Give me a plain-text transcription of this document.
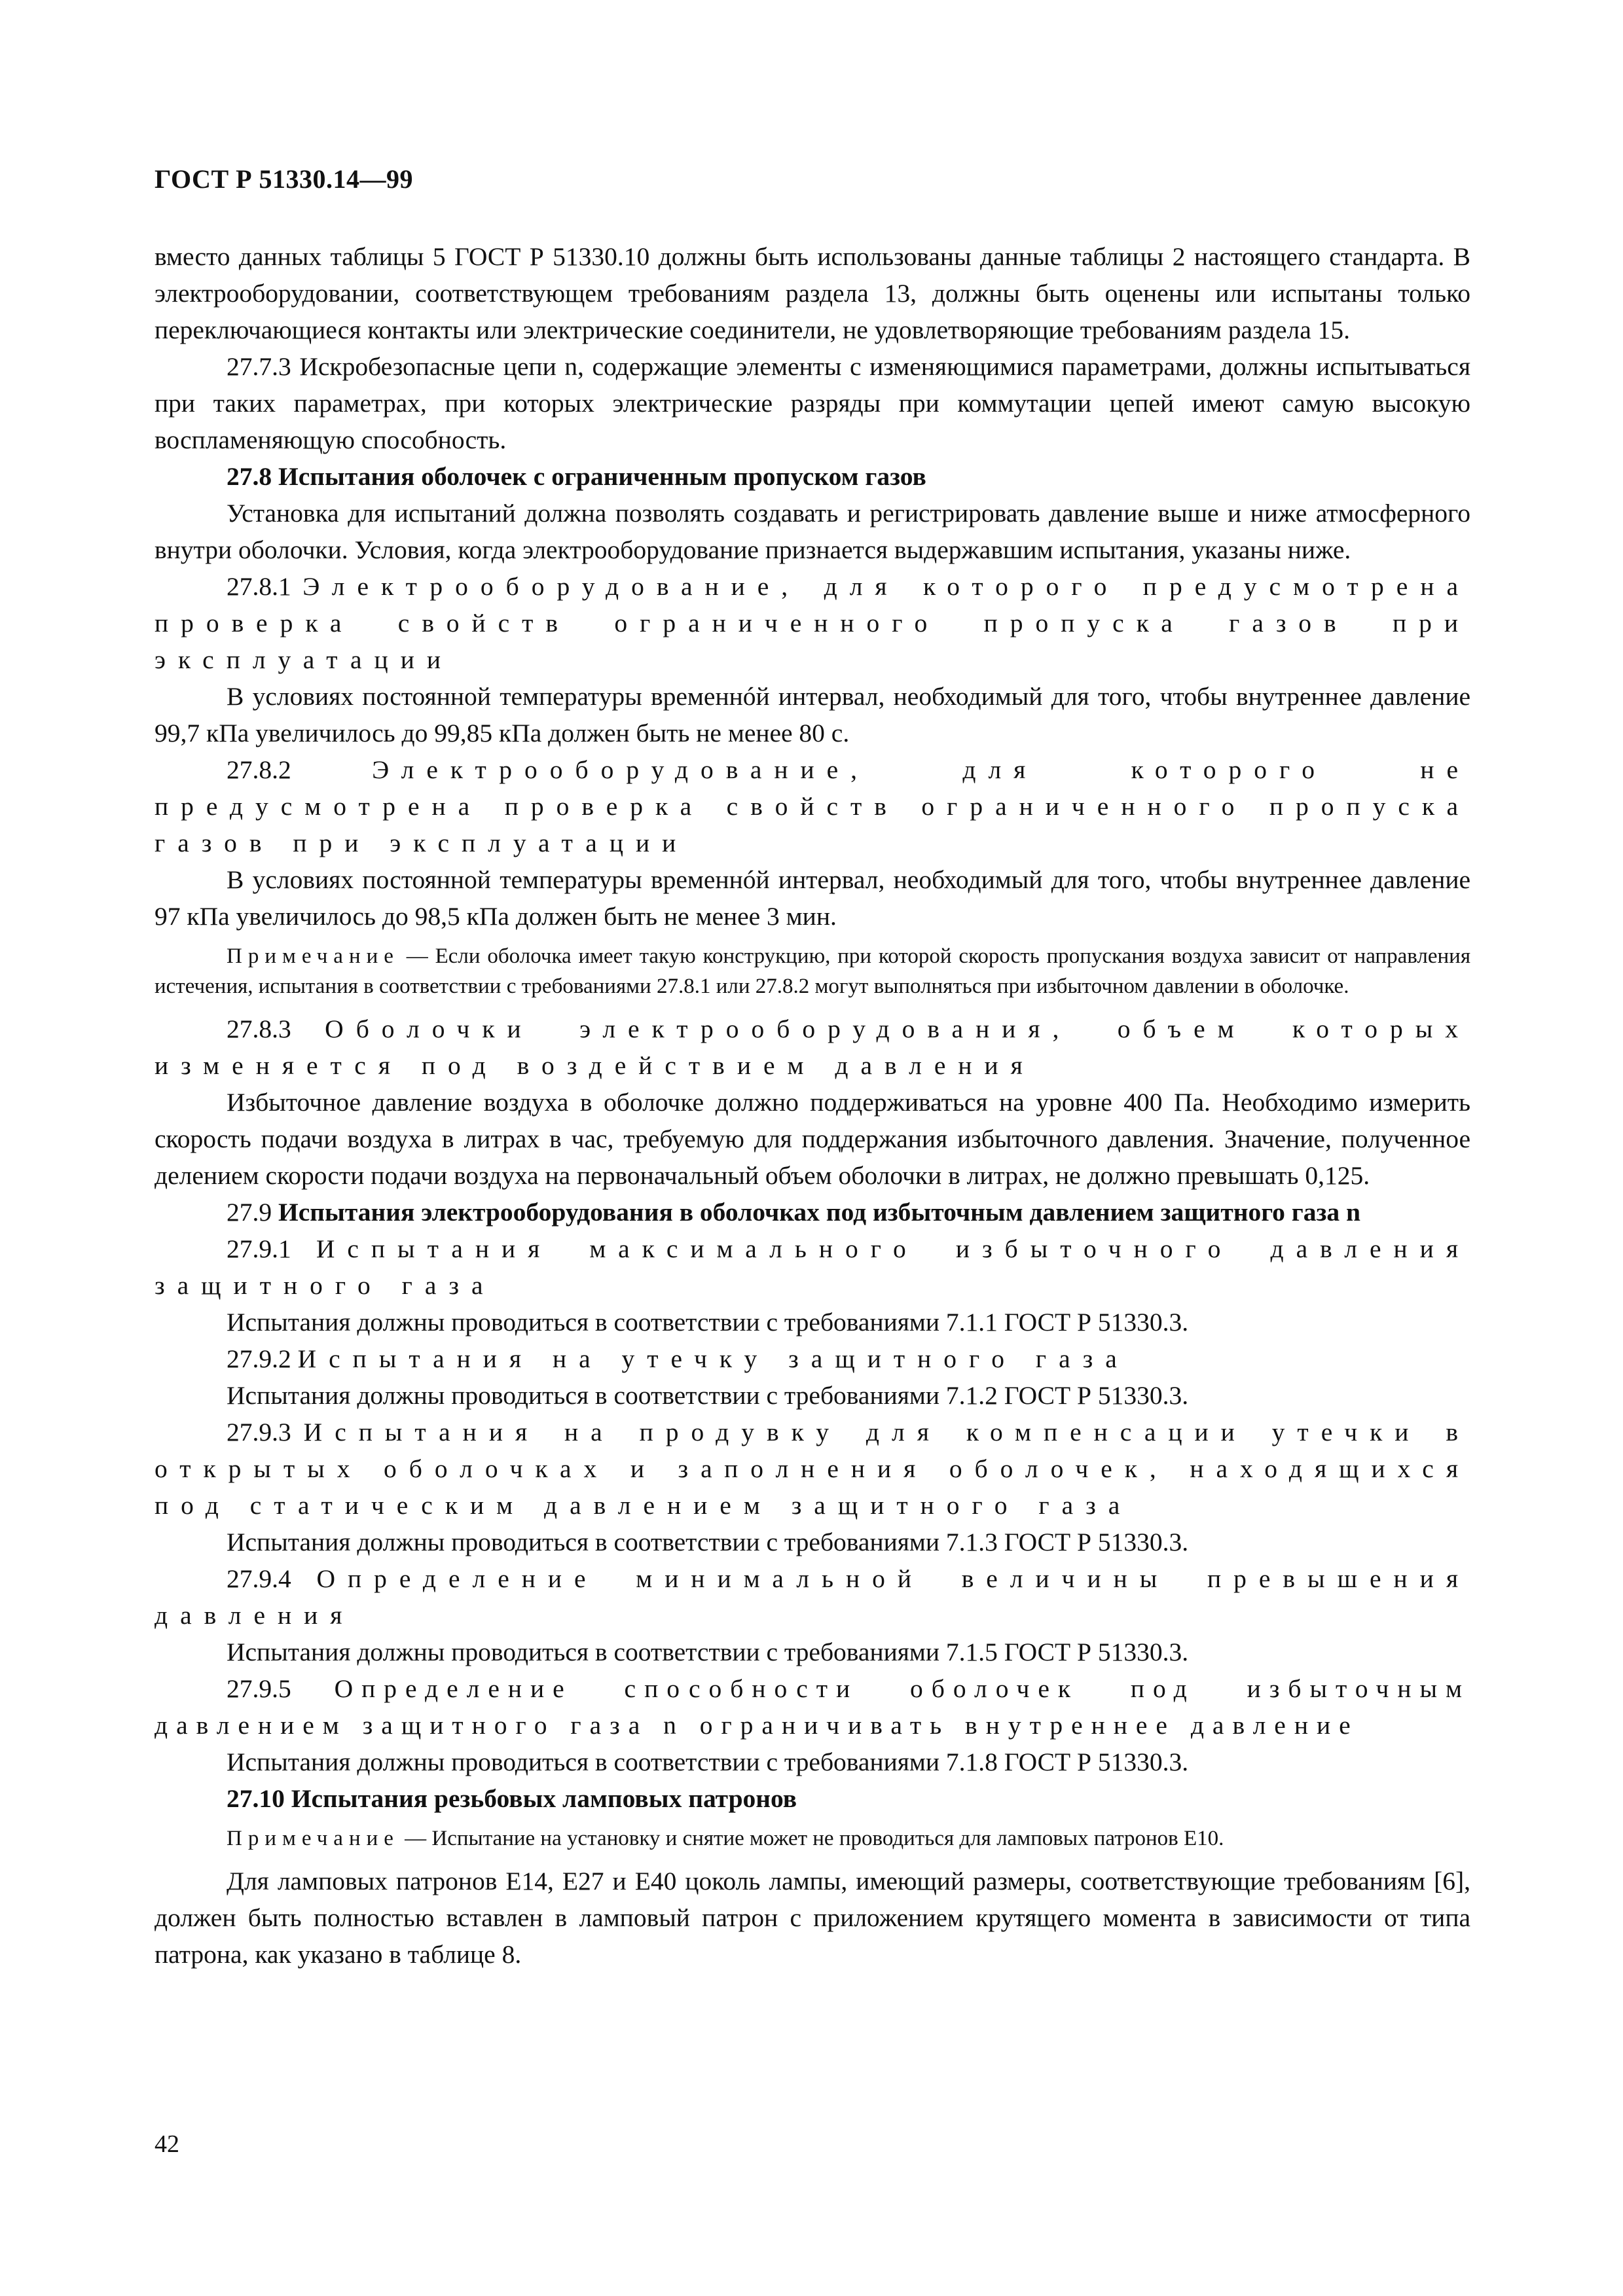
ГОСТ Р 51330.14—99

вместо данных таблицы 5 ГОСТ Р 51330.10 должны быть использованы данные таблицы 2 настоящего стандарта. В электрооборудовании, соответствующем требованиям раздела 13, должны быть оценены или испытаны только переключающиеся контакты или электрические соединители, не удовлетворяющие требованиям раздела 15.

27.7.3 Искробезопасные цепи n, содержащие элементы с изменяющимися параметрами, должны испытываться при таких параметрах, при которых электрические разряды при коммутации цепей имеют самую высокую воспламеняющую способность.

27.8 Испытания оболочек с ограниченным пропуском газов

Установка для испытаний должна позволять создавать и регистрировать давление выше и ниже атмосферного внутри оболочки. Условия, когда электрооборудование признается выдержавшим испытания, указаны ниже.

27.8.1 Электрооборудование, для которого предусмотрена проверка свойств ограниченного пропуска газов при эксплуатации

В условиях постоянной температуры временнóй интервал, необходимый для того, чтобы внутреннее давление 99,7 кПа увеличилось до 99,85 кПа должен быть не менее 80 с.

27.8.2	Электрооборудование, для которого не предусмотрена проверка свойств ограниченного пропуска газов при эксплуатации

В условиях постоянной температуры временнóй интервал, необходимый для того, чтобы внутреннее давление 97 кПа увеличилось до 98,5 кПа должен быть не менее 3 мин.

Примечание — Если оболочка имеет такую конструкцию, при которой скорость пропускания воздуха зависит от направления истечения, испытания в соответствии с требованиями 27.8.1 или 27.8.2 могут выполняться при избыточном давлении в оболочке.

27.8.3 Оболочки электрооборудования, объем которых изменяется под воздействием давления

Избыточное давление воздуха в оболочке должно поддерживаться на уровне 400 Па. Необходимо измерить скорость подачи воздуха в литрах в час, требуемую для поддержания избыточного давления. Значение, полученное делением скорости подачи воздуха на первоначальный объем оболочки в литрах, не должно превышать 0,125.

27.9 Испытания электрооборудования в оболочках под избыточным давлением защитного газа n

27.9.1 Испытания максимального избыточного давления защитного газа

Испытания должны проводиться в соответствии с требованиями 7.1.1 ГОСТ Р 51330.3.

27.9.2 Испытания на утечку защитного газа

Испытания должны проводиться в соответствии с требованиями 7.1.2 ГОСТ Р 51330.3.

27.9.3 Испытания на продувку для компенсации утечки в открытых оболочках и заполнения оболочек, находящихся под статическим давлением защитного газа

Испытания должны проводиться в соответствии с требованиями 7.1.3 ГОСТ Р 51330.3.

27.9.4 Определение минимальной величины превышения давления

Испытания должны проводиться в соответствии с требованиями 7.1.5 ГОСТ Р 51330.3.

27.9.5 Определение способности оболочек под избыточным давлением защитного газа n ограничивать внутреннее давление

Испытания должны проводиться в соответствии с требованиями 7.1.8 ГОСТ Р 51330.3.

27.10 Испытания резьбовых ламповых патронов

Примечание — Испытание на установку и снятие может не проводиться для ламповых патронов E10.

Для ламповых патронов E14, E27 и E40 цоколь лампы, имеющий размеры, соответствующие требованиям [6], должен быть полностью вставлен в ламповый патрон с приложением крутящего момента в зависимости от типа патрона, как указано в таблице 8.

42
